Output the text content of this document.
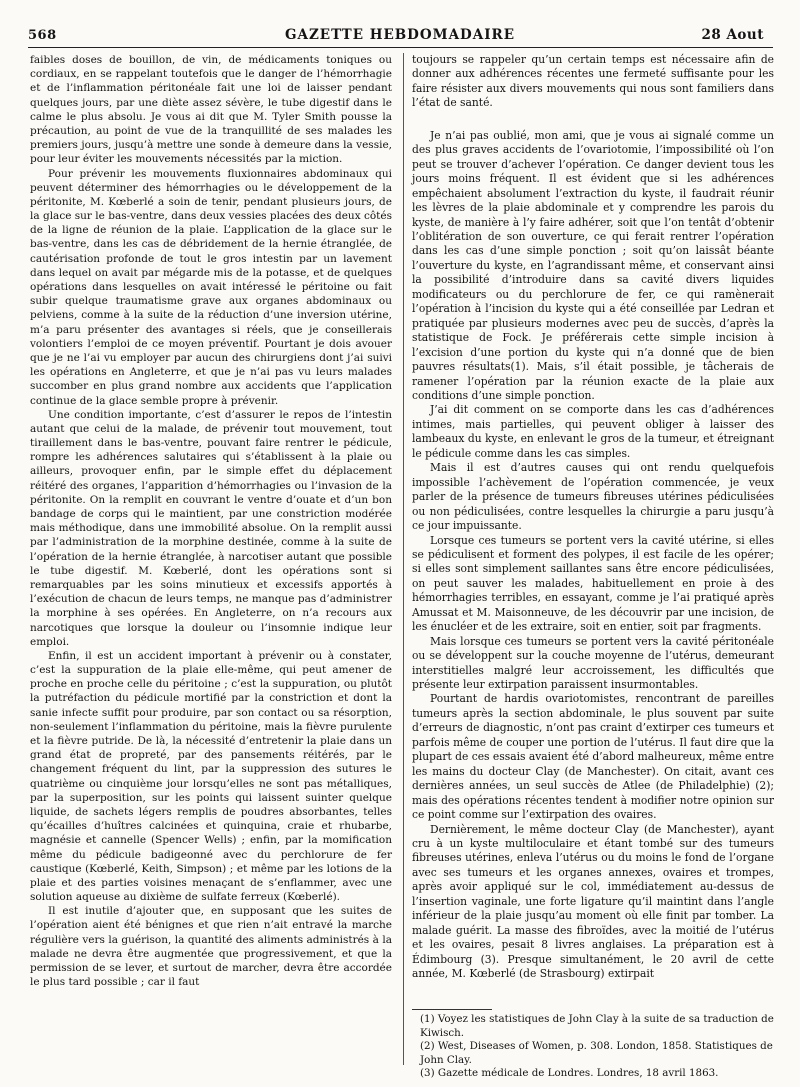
568	GAZETTE HEBDOMADAIRE	28 Aout

faibles doses de bouillon, de vin, de médicaments toniques ou cordiaux, en se rappelant toutefois que le danger de l’hémorrhagie et de l’inflammation péritonéale fait une loi de laisser pendant quelques jours, par une diète assez sévère, le tube digestif dans le calme le plus absolu. Je vous ai dit que M. Tyler Smith pousse la précaution, au point de vue de la tranquillité de ses malades les premiers jours, jusqu’à mettre une sonde à demeure dans la vessie, pour leur éviter les mouvements nécessités par la miction.

Pour prévenir les mouvements fluxionnaires abdominaux qui peuvent déterminer des hémorrhagies ou le développement de la péritonite, M. Kœberlé a soin de tenir, pendant plusieurs jours, de la glace sur le bas-ventre, dans deux vessies placées des deux côtés de la ligne de réunion de la plaie. L’application de la glace sur le bas-ventre, dans les cas de débridement de la hernie étranglée, de cautérisation profonde de tout le gros intestin par un lavement dans lequel on avait par mégarde mis de la potasse, et de quelques opérations dans lesquelles on avait intéressé le péritoine ou fait subir quelque traumatisme grave aux organes abdominaux ou pelviens, comme à la suite de la réduction d’une inversion utérine, m’a paru présenter des avantages si réels, que je conseillerais volontiers l’emploi de ce moyen préventif. Pourtant je dois avouer que je ne l’ai vu employer par aucun des chirurgiens dont j’ai suivi les opérations en Angleterre, et que je n’ai pas vu leurs malades succomber en plus grand nombre aux accidents que l’application continue de la glace semble propre à prévenir.

Une condition importante, c’est d’assurer le repos de l’intestin autant que celui de la malade, de prévenir tout mouvement, tout tiraillement dans le bas-ventre, pouvant faire rentrer le pédicule, rompre les adhérences salutaires qui s’établissent à la plaie ou ailleurs, provoquer enfin, par le simple effet du déplacement réitéré des organes, l’apparition d’hémorrhagies ou l’invasion de la péritonite. On la remplit en couvrant le ventre d’ouate et d’un bon bandage de corps qui le maintient, par une constriction modérée mais méthodique, dans une immobilité absolue. On la remplit aussi par l’administration de la morphine destinée, comme à la suite de l’opération de la hernie étranglée, à narcotiser autant que possible le tube digestif. M. Kœberlé, dont les opérations sont si remarquables par les soins minutieux et excessifs apportés à l’exécution de chacun de leurs temps, ne manque pas d’administrer la morphine à ses opérées. En Angleterre, on n’a recours aux narcotiques que lorsque la douleur ou l’insomnie indique leur emploi.

Enfin, il est un accident important à prévenir ou à constater, c’est la suppuration de la plaie elle-même, qui peut amener de proche en proche celle du péritoine ; c’est la suppuration, ou plutôt la putréfaction du pédicule mortifié par la constriction et dont la sanie infecte suffit pour produire, par son contact ou sa résorption, non-seulement l’inflammation du péritoine, mais la fièvre purulente et la fièvre putride. De là, la nécessité d’entretenir la plaie dans un grand état de propreté, par des pansements réitérés, par le changement fréquent du lint, par la suppression des sutures le quatrième ou cinquième jour lorsqu’elles ne sont pas métalliques, par la superposition, sur les points qui laissent suinter quelque liquide, de sachets légers remplis de poudres absorbantes, telles qu’écailles d’huîtres calcinées et quinquina, craie et rhubarbe, magnésie et cannelle (Spencer Wells) ; enfin, par la momification même du pédicule badigeonné avec du perchlorure de fer caustique (Kœberlé, Keith, Simpson) ; et même par les lotions de la plaie et des parties voisines menaçant de s’enflammer, avec une solution aqueuse au dixième de sulfate ferreux (Kœberlé).

Il est inutile d’ajouter que, en supposant que les suites de l’opération aient été bénignes et que rien n’ait entravé la marche régulière vers la guérison, la quantité des aliments administrés à la malade ne devra être augmentée que progressivement, et que la permission de se lever, et surtout de marcher, devra être accordée le plus tard possible ; car il faut

toujours se rappeler qu’un certain temps est nécessaire afin de donner aux adhérences récentes une fermeté suffisante pour les faire résister aux divers mouvements qui nous sont familiers dans l’état de santé.

Je n’ai pas oublié, mon ami, que je vous ai signalé comme un des plus graves accidents de l’ovariotomie, l’impossibilité où l’on peut se trouver d’achever l’opération. Ce danger devient tous les jours moins fréquent. Il est évident que si les adhérences empêchaient absolument l’extraction du kyste, il faudrait réunir les lèvres de la plaie abdominale et y comprendre les parois du kyste, de manière à l’y faire adhérer, soit que l’on tentât d’obtenir l’oblitération de son ouverture, ce qui ferait rentrer l’opération dans les cas d’une simple ponction ; soit qu’on laissât béante l’ouverture du kyste, en l’agrandissant même, et conservant ainsi la possibilité d’introduire dans sa cavité divers liquides modificateurs ou du perchlorure de fer, ce qui ramènerait l’opération à l’incision du kyste qui a été conseillée par Ledran et pratiquée par plusieurs modernes avec peu de succès, d’après la statistique de Fock. Je préférerais cette simple incision à l’excision d’une portion du kyste qui n’a donné que de bien pauvres résultats(1). Mais, s’il était possible, je tâcherais de ramener l’opération par la réunion exacte de la plaie aux conditions d’une simple ponction.

J’ai dit comment on se comporte dans les cas d’adhérences intimes, mais partielles, qui peuvent obliger à laisser des lambeaux du kyste, en enlevant le gros de la tumeur, et étreignant le pédicule comme dans les cas simples.

Mais il est d’autres causes qui ont rendu quelquefois impossible l’achèvement de l’opération commencée, je veux parler de la présence de tumeurs fibreuses utérines pédiculisées ou non pédiculisées, contre lesquelles la chirurgie a paru jusqu’à ce jour impuissante.

Lorsque ces tumeurs se portent vers la cavité utérine, si elles se pédiculisent et forment des polypes, il est facile de les opérer; si elles sont simplement saillantes sans être encore pédiculisées, on peut sauver les malades, habituellement en proie à des hémorrhagies terribles, en essayant, comme je l’ai pratiqué après Amussat et M. Maisonneuve, de les découvrir par une incision, de les énucléer et de les extraire, soit en entier, soit par fragments.

Mais lorsque ces tumeurs se portent vers la cavité péritonéale ou se développent sur la couche moyenne de l’utérus, demeurant interstitielles malgré leur accroissement, les difficultés que présente leur extirpation paraissent insurmontables.

Pourtant de hardis ovariotomistes, rencontrant de pareilles tumeurs après la section abdominale, le plus souvent par suite d’erreurs de diagnostic, n’ont pas craint d’extirper ces tumeurs et parfois même de couper une portion de l’utérus. Il faut dire que la plupart de ces essais avaient été d’abord malheureux, même entre les mains du docteur Clay (de Manchester). On citait, avant ces dernières années, un seul succès de Atlee (de Philadelphie) (2); mais des opérations récentes tendent à modifier notre opinion sur ce point comme sur l’extirpation des ovaires.

Dernièrement, le même docteur Clay (de Manchester), ayant cru à un kyste multiloculaire et étant tombé sur des tumeurs fibreuses utérines, enleva l’utérus ou du moins le fond de l’organe avec ses tumeurs et les organes annexes, ovaires et trompes, après avoir appliqué sur le col, immédiatement au-dessus de l’insertion vaginale, une forte ligature qu’il maintint dans l’angle inférieur de la plaie jusqu’au moment où elle finit par tomber. La malade guérit. La masse des fibroïdes, avec la moitié de l’utérus et les ovaires, pesait 8 livres anglaises. La préparation est à Édimbourg (3). Presque simultanément, le 20 avril de cette année, M. Kœberlé (de Strasbourg) extirpait

(1) Voyez les statistiques de John Clay à la suite de sa traduction de Kiwisch.

(2) West, Diseases of Women, p. 308. London, 1858. Statistiques de John Clay.

(3) Gazette médicale de Londres. Londres, 18 avril 1863.
